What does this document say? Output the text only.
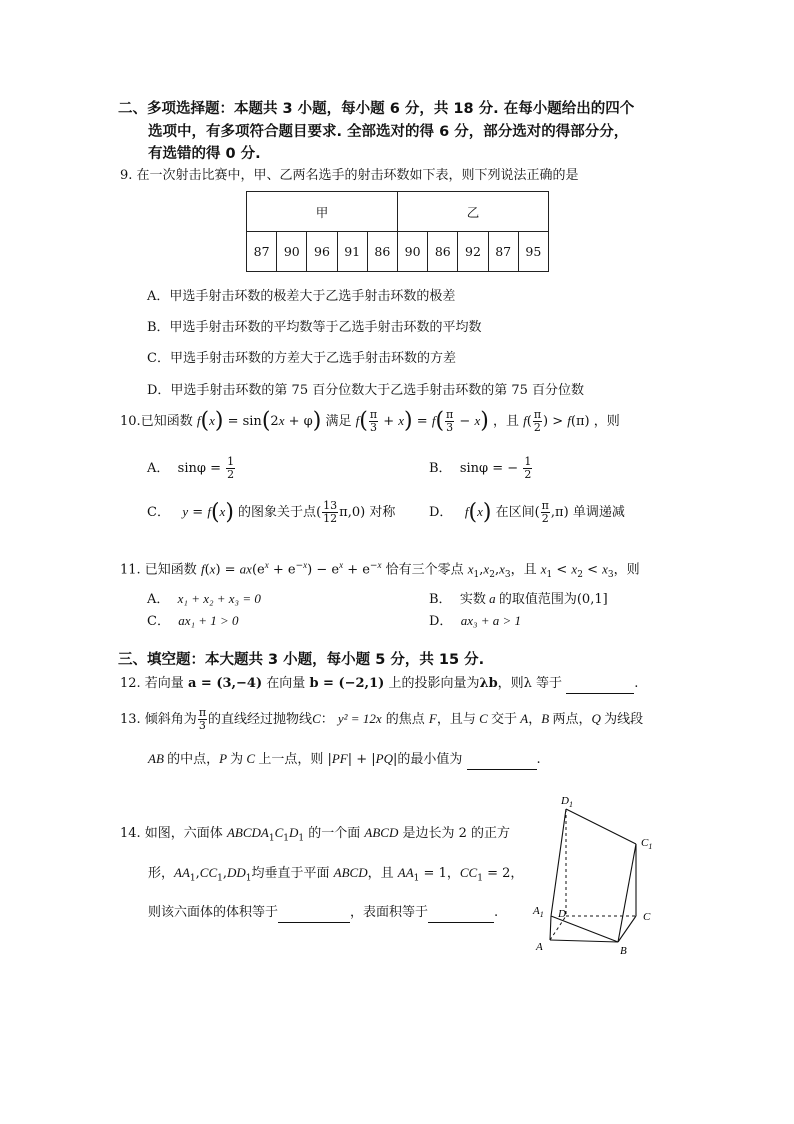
二、多项选择题：本题共 3 小题，每小题 6 分，共 18 分. 在每小题给出的四个
选项中，有多项符合题目要求. 全部选对的得 6 分，部分选对的得部分分，
有选错的得 0 分.
9. 在一次射击比赛中，甲、乙两名选手的射击环数如下表，则下列说法正确的是
甲					乙				
87	90	96	91	86	90	86	92	87	95
A．甲选手射击环数的极差大于乙选手射击环数的极差
B．甲选手射击环数的平均数等于乙选手射击环数的平均数
C．甲选手射击环数的方差大于乙选手射击环数的方差
D．甲选手射击环数的第 75 百分位数大于乙选手射击环数的第 75 百分位数
10.已知函数 f(x) = sin(2x + φ) 满足 $f( \frac{\pi}{3} + x) = f( \frac{\pi}{3} - x)$ ，且 $f( \frac{\pi}{2}$ ) > f(π) ，则
A． $\sin\varphi = \frac{1}{2}$	B． sinφ = − $\frac{1}{2}$
C． y = f(x) 的图象关于点( $\frac{13}{12} \pi,0$) 对称	D． f(x) 在区间( $\frac{\pi}{2} ,\pi$) 单调递减
11. 已知函数 $f(x) = ax(e^x + e^{-x}) - e^x + e^{-x}$ 恰有三个零点 $x_1,x_2,x_3$，且 $x_1 < x_2 < x_3$，则
A． x₁ + x₂ + x₃ = 0	B． 实数 a 的取值范围为(0,1]
C． ax₁ + 1 > 0	D． ax₃ + a > 1
三、填空题：本大题共 3 小题，每小题 5 分，共 15 分.
12. 若向量 a = (3,−4) 在向量 b = (−2,1) 上的投影向量为λb，则λ 等于	.
13. 倾斜角为 $\frac{\pi}{3}$ 的直线经过抛物线C： y² = 12x 的焦点 F，且与 C 交于 A，B 两点，Q 为线段
AB 的中点，P 为 C 上一点，则 |PF| + |PQ|的最小值为	.
14. 如图，六面体 $ABCDA_1C_1D_1$ 的一个面 ABCD 是边长为 2 的正方
形，$AA_1,CC_1,DD_1$均垂直于平面 ABCD，且 $AA_1 = 1$，$CC_1 = 2$，
则该六面体的体积等于	，表面积等于	.
$D_1$
$C_1$
$A_1$ D	C
A	B
